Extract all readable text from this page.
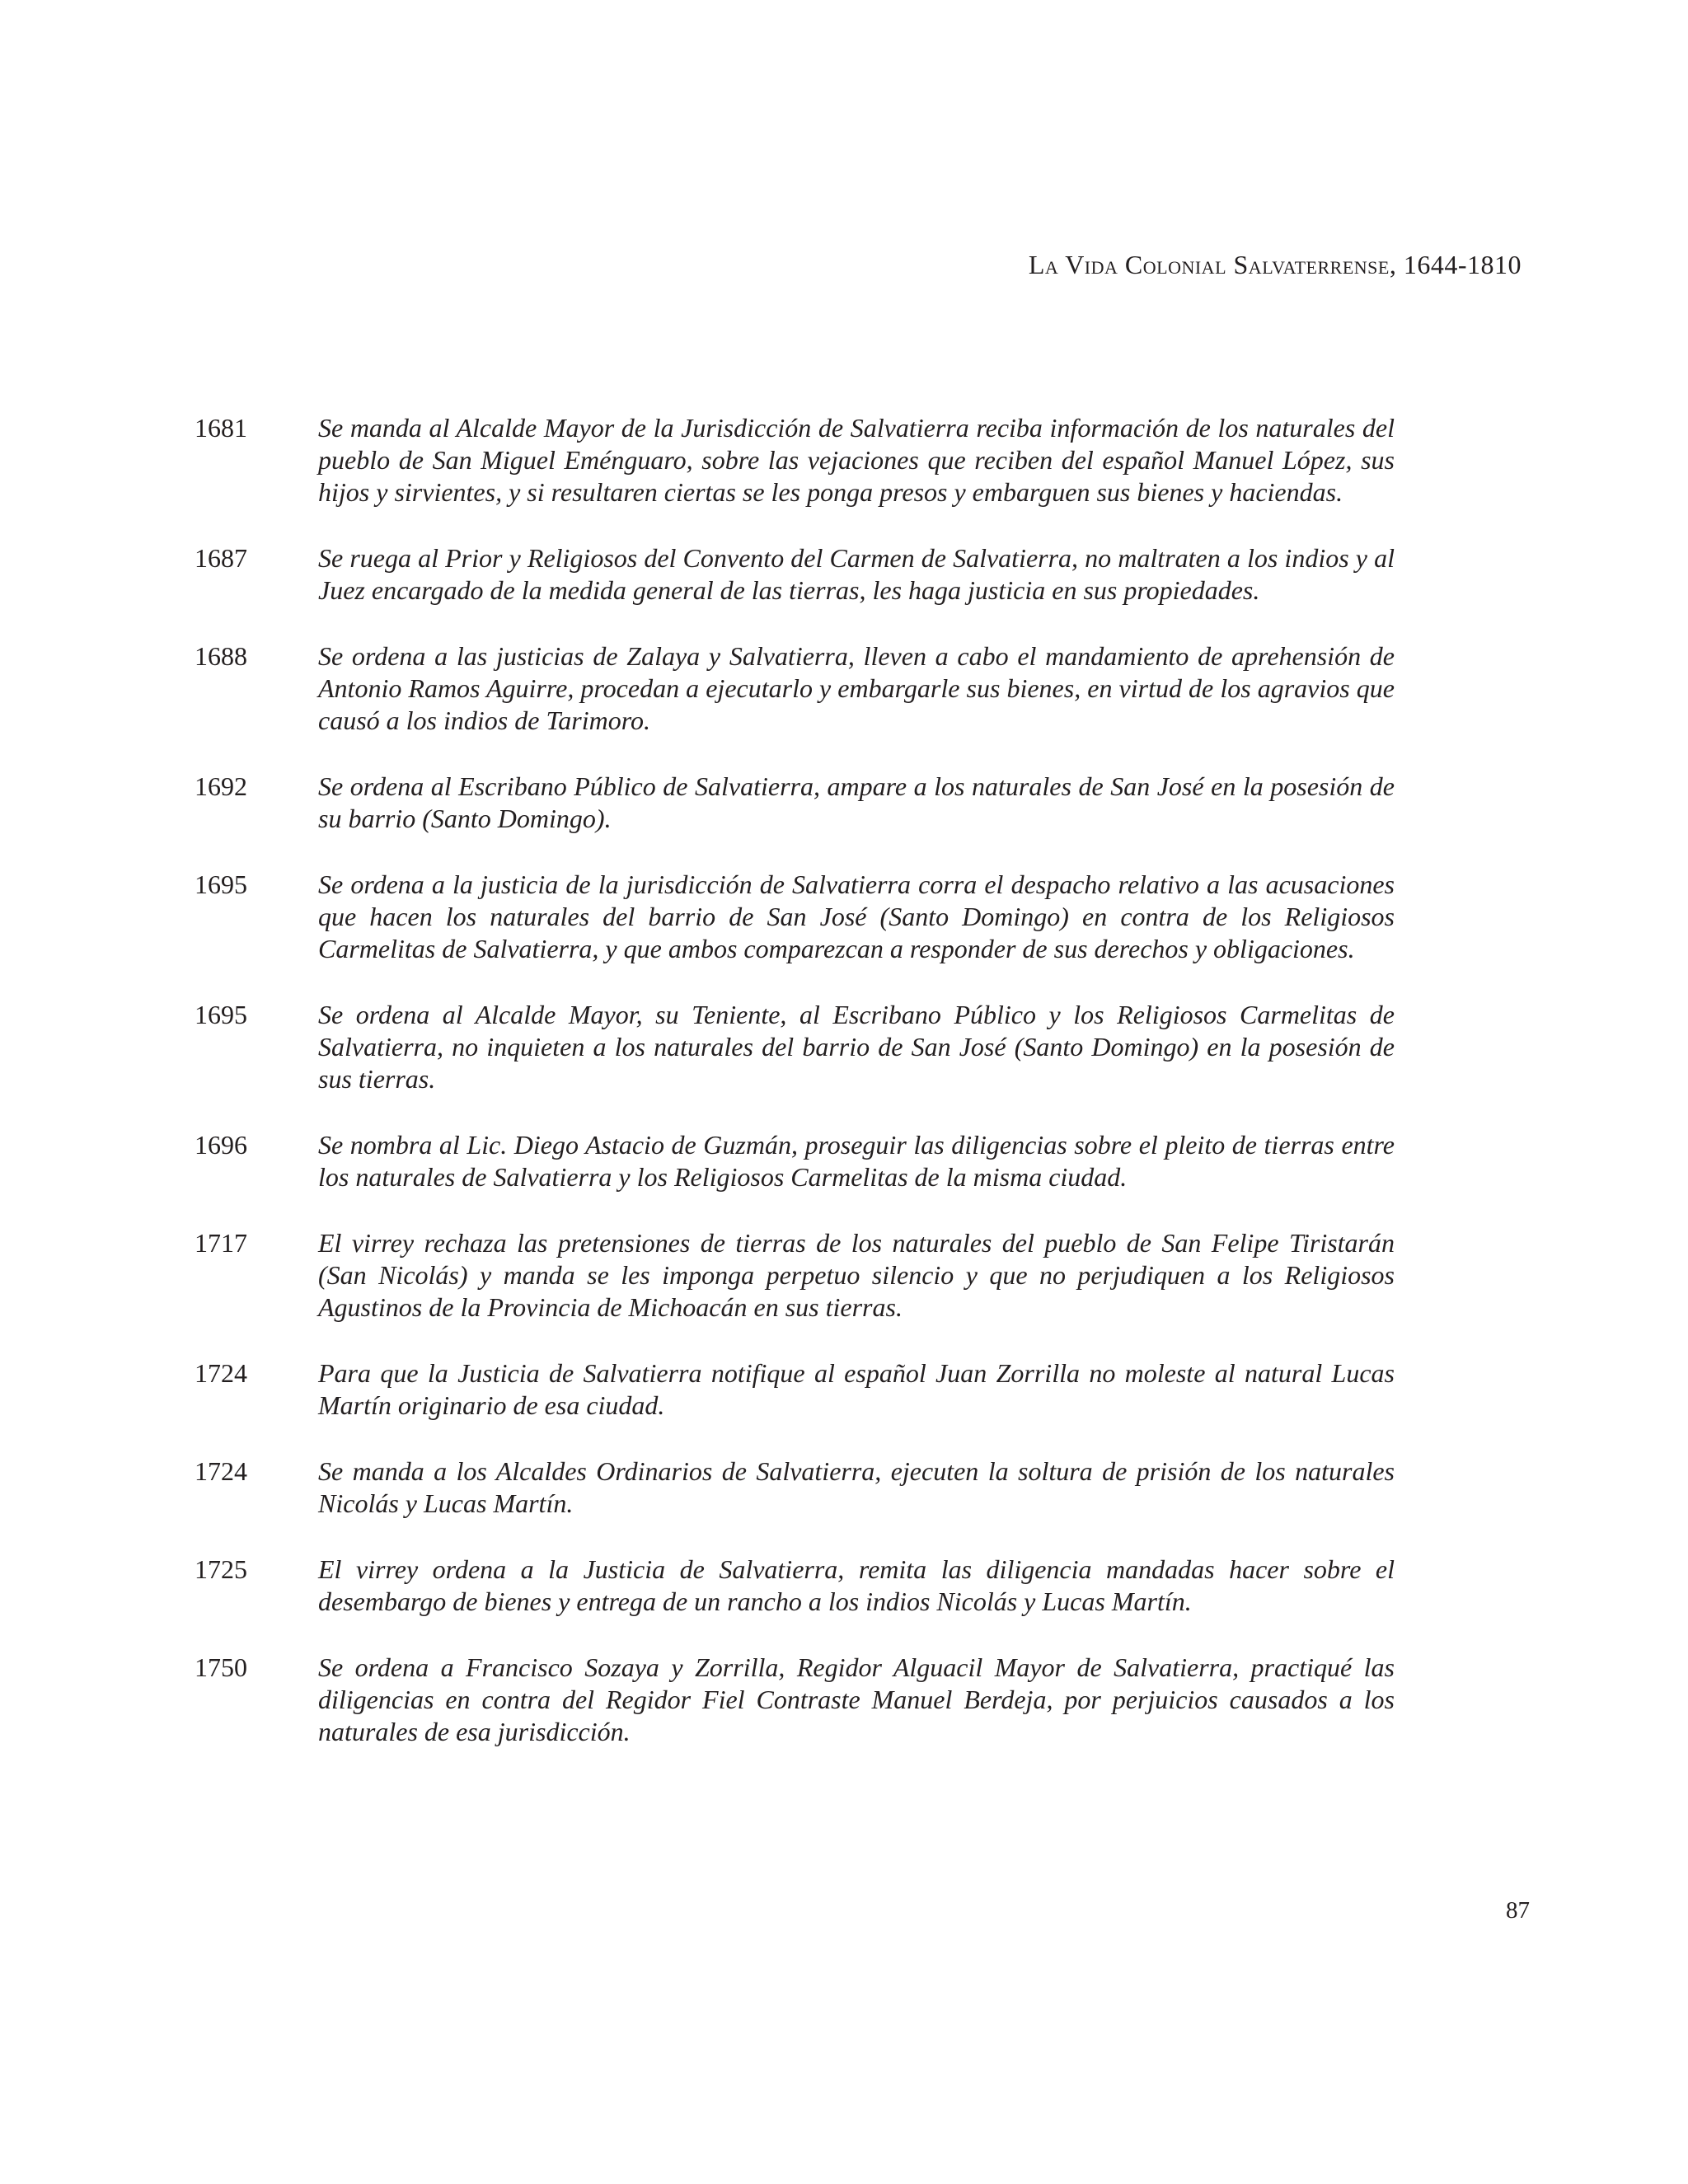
La Vida Colonial Salvaterrense, 1644-1810
1681	Se manda al Alcalde Mayor de la Jurisdicción de Salvatierra reciba información de los naturales del pueblo de San Miguel Eménguaro, sobre las vejaciones que reciben del español Manuel López, sus hijos y sirvientes, y si resultaren ciertas se les ponga presos y embarguen sus bienes y haciendas.
1687	Se ruega al Prior y Religiosos del Convento del Carmen de Salvatierra, no maltraten a los indios y al Juez encargado de la medida general de las tierras, les haga justicia en sus propiedades.
1688	Se ordena a las justicias de Zalaya y Salvatierra, lleven a cabo el mandamiento de aprehensión de Antonio Ramos Aguirre, procedan a ejecutarlo y embargarle sus bienes, en virtud de los agravios que causó a los indios de Tarimoro.
1692	Se ordena al Escribano Público de Salvatierra, ampare a los naturales de San José en la posesión de su barrio (Santo Domingo).
1695	Se ordena a la justicia de la jurisdicción de Salvatierra corra el despacho relativo a las acusaciones que hacen los naturales del barrio de San José (Santo Domingo) en contra de los Religiosos Carmelitas de Salvatierra, y que ambos comparezcan a responder de sus derechos y obligaciones.
1695	Se ordena al Alcalde Mayor, su Teniente, al Escribano Público y los Religiosos Carmelitas de Salvatierra, no inquieten a los naturales del barrio de San José (Santo Domingo) en la posesión de sus tierras.
1696	Se nombra al Lic. Diego Astacio de Guzmán, proseguir las diligencias sobre el pleito de tierras entre los naturales de Salvatierra y los Religiosos Carmelitas de la misma ciudad.
1717	El virrey rechaza las pretensiones de tierras de los naturales del pueblo de San Felipe Tiristarán (San Nicolás) y manda se les imponga perpetuo silencio y que no perjudiquen a los Religiosos Agustinos de la Provincia de Michoacán en sus tierras.
1724	Para que la Justicia de Salvatierra notifique al español Juan Zorrilla no moleste al natural Lucas Martín originario de esa ciudad.
1724	Se manda a los Alcaldes Ordinarios de Salvatierra, ejecuten la soltura de prisión de los naturales Nicolás y Lucas Martín.
1725	El virrey ordena a la Justicia de Salvatierra, remita las diligencia mandadas hacer sobre el desembargo de bienes y entrega de un rancho a los indios Nicolás y Lucas Martín.
1750	Se ordena a Francisco Sozaya y Zorrilla, Regidor Alguacil Mayor de Salvatierra, practiqué las diligencias en contra del Regidor Fiel Contraste Manuel Berdeja, por perjuicios causados a los naturales de esa jurisdicción.
87
